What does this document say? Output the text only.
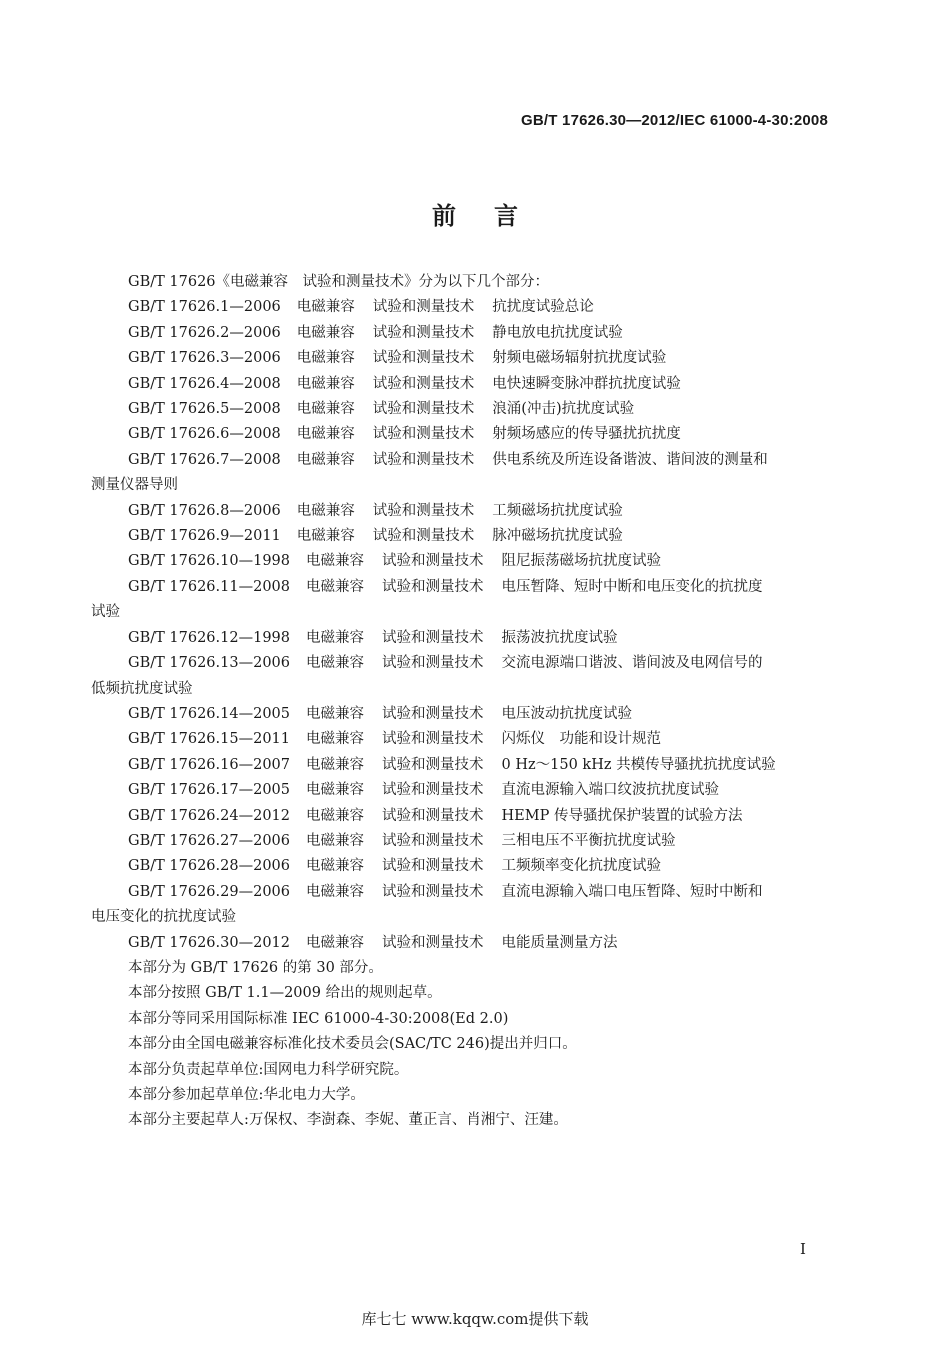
GB/T 17626.30—2012/IEC 61000-4-30:2008
前言
GB/T 17626《电磁兼容　试验和测量技术》分为以下几个部分：
GB/T 17626.1—2006 电磁兼容 试验和测量技术 抗扰度试验总论
GB/T 17626.2—2006 电磁兼容 试验和测量技术 静电放电抗扰度试验
GB/T 17626.3—2006 电磁兼容 试验和测量技术 射频电磁场辐射抗扰度试验
GB/T 17626.4—2008 电磁兼容 试验和测量技术 电快速瞬变脉冲群抗扰度试验
GB/T 17626.5—2008 电磁兼容 试验和测量技术 浪涌(冲击)抗扰度试验
GB/T 17626.6—2008 电磁兼容 试验和测量技术 射频场感应的传导骚扰抗扰度
GB/T 17626.7—2008 电磁兼容 试验和测量技术 供电系统及所连设备谐波、谐间波的测量和
测量仪器导则
GB/T 17626.8—2006 电磁兼容 试验和测量技术 工频磁场抗扰度试验
GB/T 17626.9—2011 电磁兼容 试验和测量技术 脉冲磁场抗扰度试验
GB/T 17626.10—1998 电磁兼容 试验和测量技术 阻尼振荡磁场抗扰度试验
GB/T 17626.11—2008 电磁兼容 试验和测量技术 电压暂降、短时中断和电压变化的抗扰度
试验
GB/T 17626.12—1998 电磁兼容 试验和测量技术 振荡波抗扰度试验
GB/T 17626.13—2006 电磁兼容 试验和测量技术 交流电源端口谐波、谐间波及电网信号的
低频抗扰度试验
GB/T 17626.14—2005 电磁兼容 试验和测量技术 电压波动抗扰度试验
GB/T 17626.15—2011 电磁兼容 试验和测量技术 闪烁仪　功能和设计规范
GB/T 17626.16—2007 电磁兼容 试验和测量技术 0 Hz～150 kHz 共模传导骚扰抗扰度试验
GB/T 17626.17—2005 电磁兼容 试验和测量技术 直流电源输入端口纹波抗扰度试验
GB/T 17626.24—2012 电磁兼容 试验和测量技术 HEMP 传导骚扰保护装置的试验方法
GB/T 17626.27—2006 电磁兼容 试验和测量技术 三相电压不平衡抗扰度试验
GB/T 17626.28—2006 电磁兼容 试验和测量技术 工频频率变化抗扰度试验
GB/T 17626.29—2006 电磁兼容 试验和测量技术 直流电源输入端口电压暂降、短时中断和
电压变化的抗扰度试验
GB/T 17626.30—2012 电磁兼容 试验和测量技术 电能质量测量方法
本部分为 GB/T 17626 的第 30 部分。
本部分按照 GB/T 1.1—2009 给出的规则起草。
本部分等同采用国际标准 IEC 61000-4-30:2008(Ed 2.0)
本部分由全国电磁兼容标准化技术委员会(SAC/TC 246)提出并归口。
本部分负责起草单位:国网电力科学研究院。
本部分参加起草单位:华北电力大学。
本部分主要起草人:万保权、李澍森、李妮、董正言、肖湘宁、汪建。
I
库七七 www.kqqw.com提供下载
